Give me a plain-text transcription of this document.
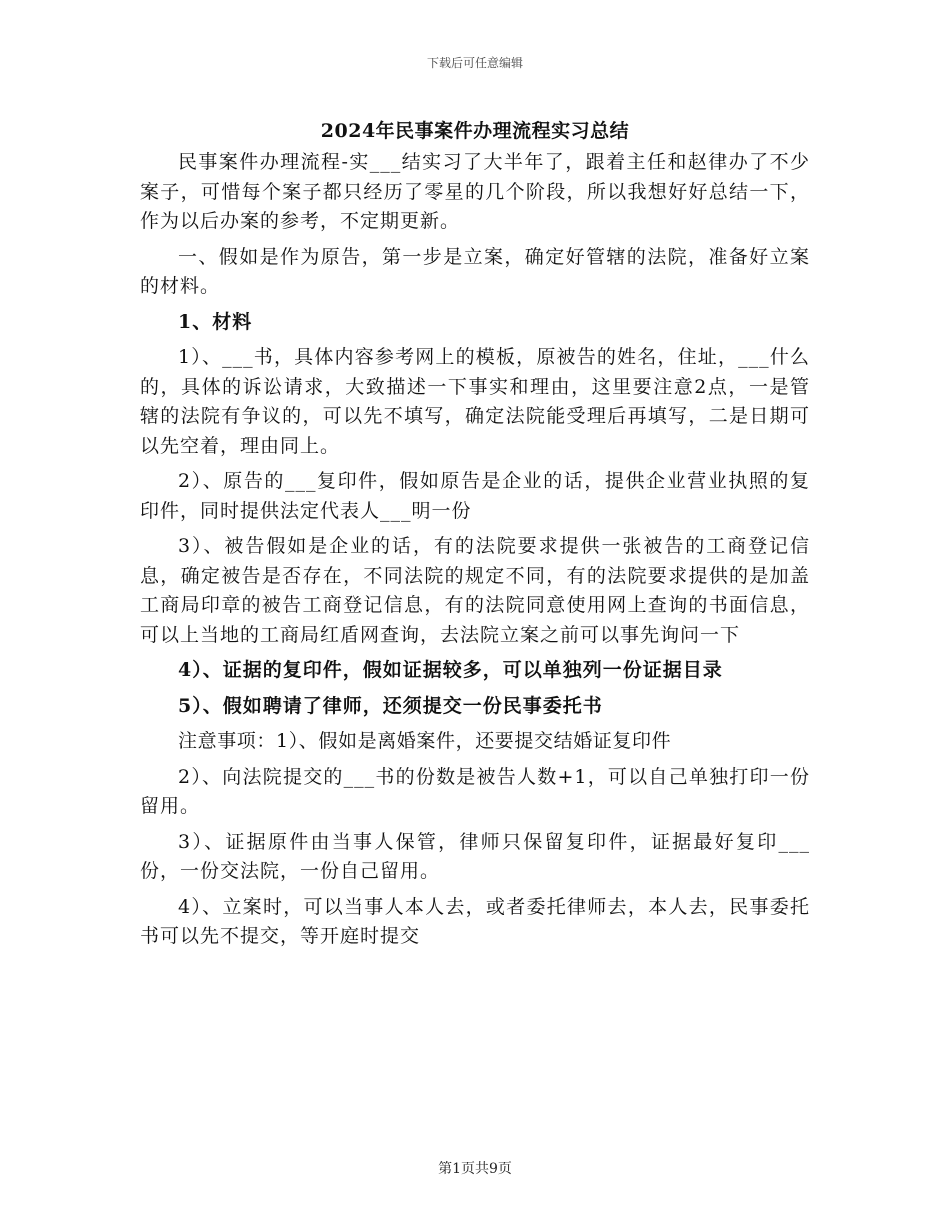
下载后可任意编辑
2024年民事案件办理流程实习总结

民事案件办理流程-实___结实习了大半年了，跟着主任和赵律办了不少案子，可惜每个案子都只经历了零星的几个阶段，所以我想好好总结一下，作为以后办案的参考，不定期更新。

一、假如是作为原告，第一步是立案，确定好管辖的法院，准备好立案的材料。

1、材料

1）、___书，具体内容参考网上的模板，原被告的姓名，住址，___什么的，具体的诉讼请求，大致描述一下事实和理由，这里要注意2点，一是管辖的法院有争议的，可以先不填写，确定法院能受理后再填写，二是日期可以先空着，理由同上。

2）、原告的___复印件，假如原告是企业的话，提供企业营业执照的复印件，同时提供法定代表人___明一份

3）、被告假如是企业的话，有的法院要求提供一张被告的工商登记信息，确定被告是否存在，不同法院的规定不同，有的法院要求提供的是加盖工商局印章的被告工商登记信息，有的法院同意使用网上查询的书面信息，可以上当地的工商局红盾网查询，去法院立案之前可以事先询问一下

4）、证据的复印件，假如证据较多，可以单独列一份证据目录

5）、假如聘请了律师，还须提交一份民事委托书

注意事项：1）、假如是离婚案件，还要提交结婚证复印件

2）、向法院提交的___书的份数是被告人数+1，可以自己单独打印一份留用。

3）、证据原件由当事人保管，律师只保留复印件，证据最好复印___份，一份交法院，一份自己留用。

4）、立案时，可以当事人本人去，或者委托律师去，本人去，民事委托书可以先不提交，等开庭时提交

第1页共9页
